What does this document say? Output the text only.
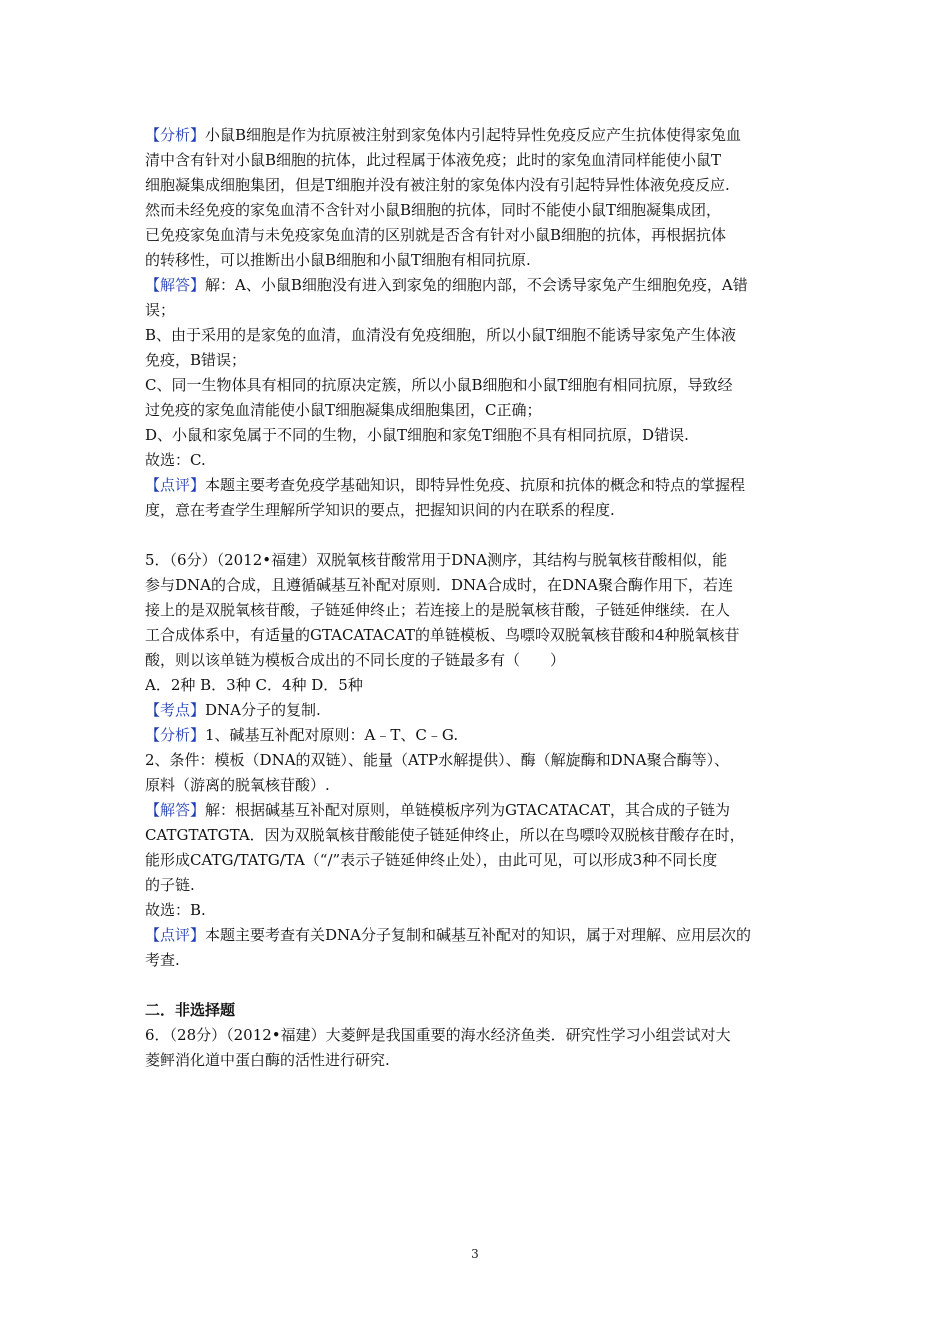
【分析】小鼠B细胞是作为抗原被注射到家兔体内引起特异性免疫反应产生抗体使得家兔血
清中含有针对小鼠B细胞的抗体，此过程属于体液免疫；此时的家兔血清同样能使小鼠T
细胞凝集成细胞集团，但是T细胞并没有被注射的家兔体内没有引起特异性体液免疫反应.
然而未经免疫的家兔血清不含针对小鼠B细胞的抗体，同时不能使小鼠T细胞凝集成团，
已免疫家兔血清与未免疫家兔血清的区别就是否含有针对小鼠B细胞的抗体，再根据抗体
的转移性，可以推断出小鼠B细胞和小鼠T细胞有相同抗原.
【解答】解：A、小鼠B细胞没有进入到家兔的细胞内部，不会诱导家兔产生细胞免疫，A错
误；
B、由于采用的是家兔的血清，血清没有免疫细胞，所以小鼠T细胞不能诱导家兔产生体液
免疫，B错误；
C、同一生物体具有相同的抗原决定簇，所以小鼠B细胞和小鼠T细胞有相同抗原，导致经
过免疫的家兔血清能使小鼠T细胞凝集成细胞集团，C正确；
D、小鼠和家兔属于不同的生物，小鼠T细胞和家兔T细胞不具有相同抗原，D错误.
故选：C.
【点评】本题主要考查免疫学基础知识，即特异性免疫、抗原和抗体的概念和特点的掌握程
度，意在考查学生理解所学知识的要点，把握知识间的内在联系的程度.
5．（6分）（2012•福建）双脱氧核苷酸常用于DNA测序，其结构与脱氧核苷酸相似，能
参与DNA的合成，且遵循碱基互补配对原则．DNA合成时，在DNA聚合酶作用下，若连
接上的是双脱氧核苷酸，子链延伸终止；若连接上的是脱氧核苷酸，子链延伸继续．在人
工合成体系中，有适量的GTACATACAT的单链模板、鸟嘌呤双脱氧核苷酸和4种脱氧核苷
酸，则以该单链为模板合成出的不同长度的子链最多有（　　）
A．2种 B．3种 C．4种 D．5种
【考点】DNA分子的复制.
【分析】1、碱基互补配对原则：A﹣T、C﹣G.
2、条件：模板（DNA的双链）、能量（ATP水解提供）、酶（解旋酶和DNA聚合酶等）、
原料（游离的脱氧核苷酸）.
【解答】解：根据碱基互补配对原则，单链模板序列为GTACATACAT，其合成的子链为
CATGTATGTA．因为双脱氧核苷酸能使子链延伸终止，所以在鸟嘌呤双脱核苷酸存在时，
能形成CATG/TATG/TA（“/”表示子链延伸终止处），由此可见，可以形成3种不同长度
的子链.
故选：B.
【点评】本题主要考查有关DNA分子复制和碱基互补配对的知识，属于对理解、应用层次的
考查.
二．非选择题
6．（28分）（2012•福建）大菱鲆是我国重要的海水经济鱼类．研究性学习小组尝试对大
菱鲆消化道中蛋白酶的活性进行研究.
3
